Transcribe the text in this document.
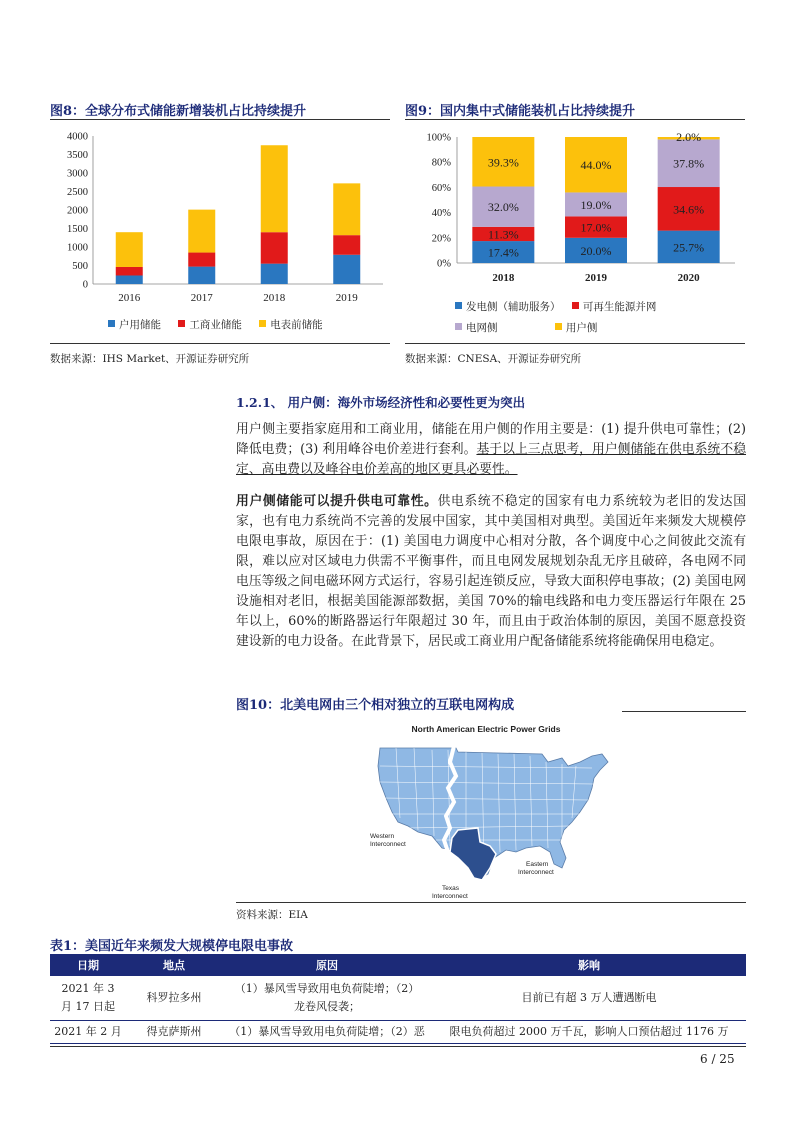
图8：全球分布式储能新增装机占比持续提升
0
500
1000
1500
2000
2500
3000
3500
4000
2016	2017	2018	2019
户用储能	工商业储能	电表前储能
数据来源：IHS Market、开源证券研究所
图9：国内集中式储能装机占比持续提升
0%
20%
40%
60%
80%
100%
17.4%
11.3%
32.0%
39.3%
2018
20.0%
17.0%
19.0%
44.0%
2019
25.7%
34.6%
37.8%
2.0%
2020
发电侧（辅助服务） 可再生能源并网
电网侧	用户侧
数据来源：CNESA、开源证券研究所
1.2.1、 用户侧：海外市场经济性和必要性更为突出
用户侧主要指家庭用和工商业用，储能在用户侧的作用主要是：(1) 提升供电可靠性；(2) 降低电费；(3) 利用峰谷电价差进行套利。基于以上三点思考，用户侧储能在供电系统不稳定、高电费以及峰谷电价差高的地区更具必要性。
用户侧储能可以提升供电可靠性。供电系统不稳定的国家有电力系统较为老旧的发达国家，也有电力系统尚不完善的发展中国家，其中美国相对典型。美国近年来频发大规模停电限电事故，原因在于：(1) 美国电力调度中心相对分散，各个调度中心之间彼此交流有限，难以应对区域电力供需不平衡事件，而且电网发展规划杂乱无序且破碎，各电网不同电压等级之间电磁环网方式运行，容易引起连锁反应，导致大面积停电事故；(2) 美国电网设施相对老旧，根据美国能源部数据，美国 70%的输电线路和电力变压器运行年限在 25 年以上，60%的断路器运行年限超过 30 年，而且由于政治体制的原因，美国不愿意投资建设新的电力设备。在此背景下，居民或工商业用户配备储能系统将能确保用电稳定。
图10：北美电网由三个相对独立的互联电网构成
North American Electric Power Grids
Western
Interconnect
Eastern
Interconnect
Texas
Interconnect
资料来源：EIA
表1：美国近年来频发大规模停电限电事故
日期	地点	原因	影响
2021 年 3 月 17 日起	科罗拉多州	（1）暴风雪导致用电负荷陡增；（2）龙卷风侵袭；	目前已有超 3 万人遭遇断电
2021 年 2 月	得克萨斯州	（1）暴风雪导致用电负荷陡增；（2）恶	限电负荷超过 2000 万千瓦，影响人口预估超过 1176 万
6 / 25
